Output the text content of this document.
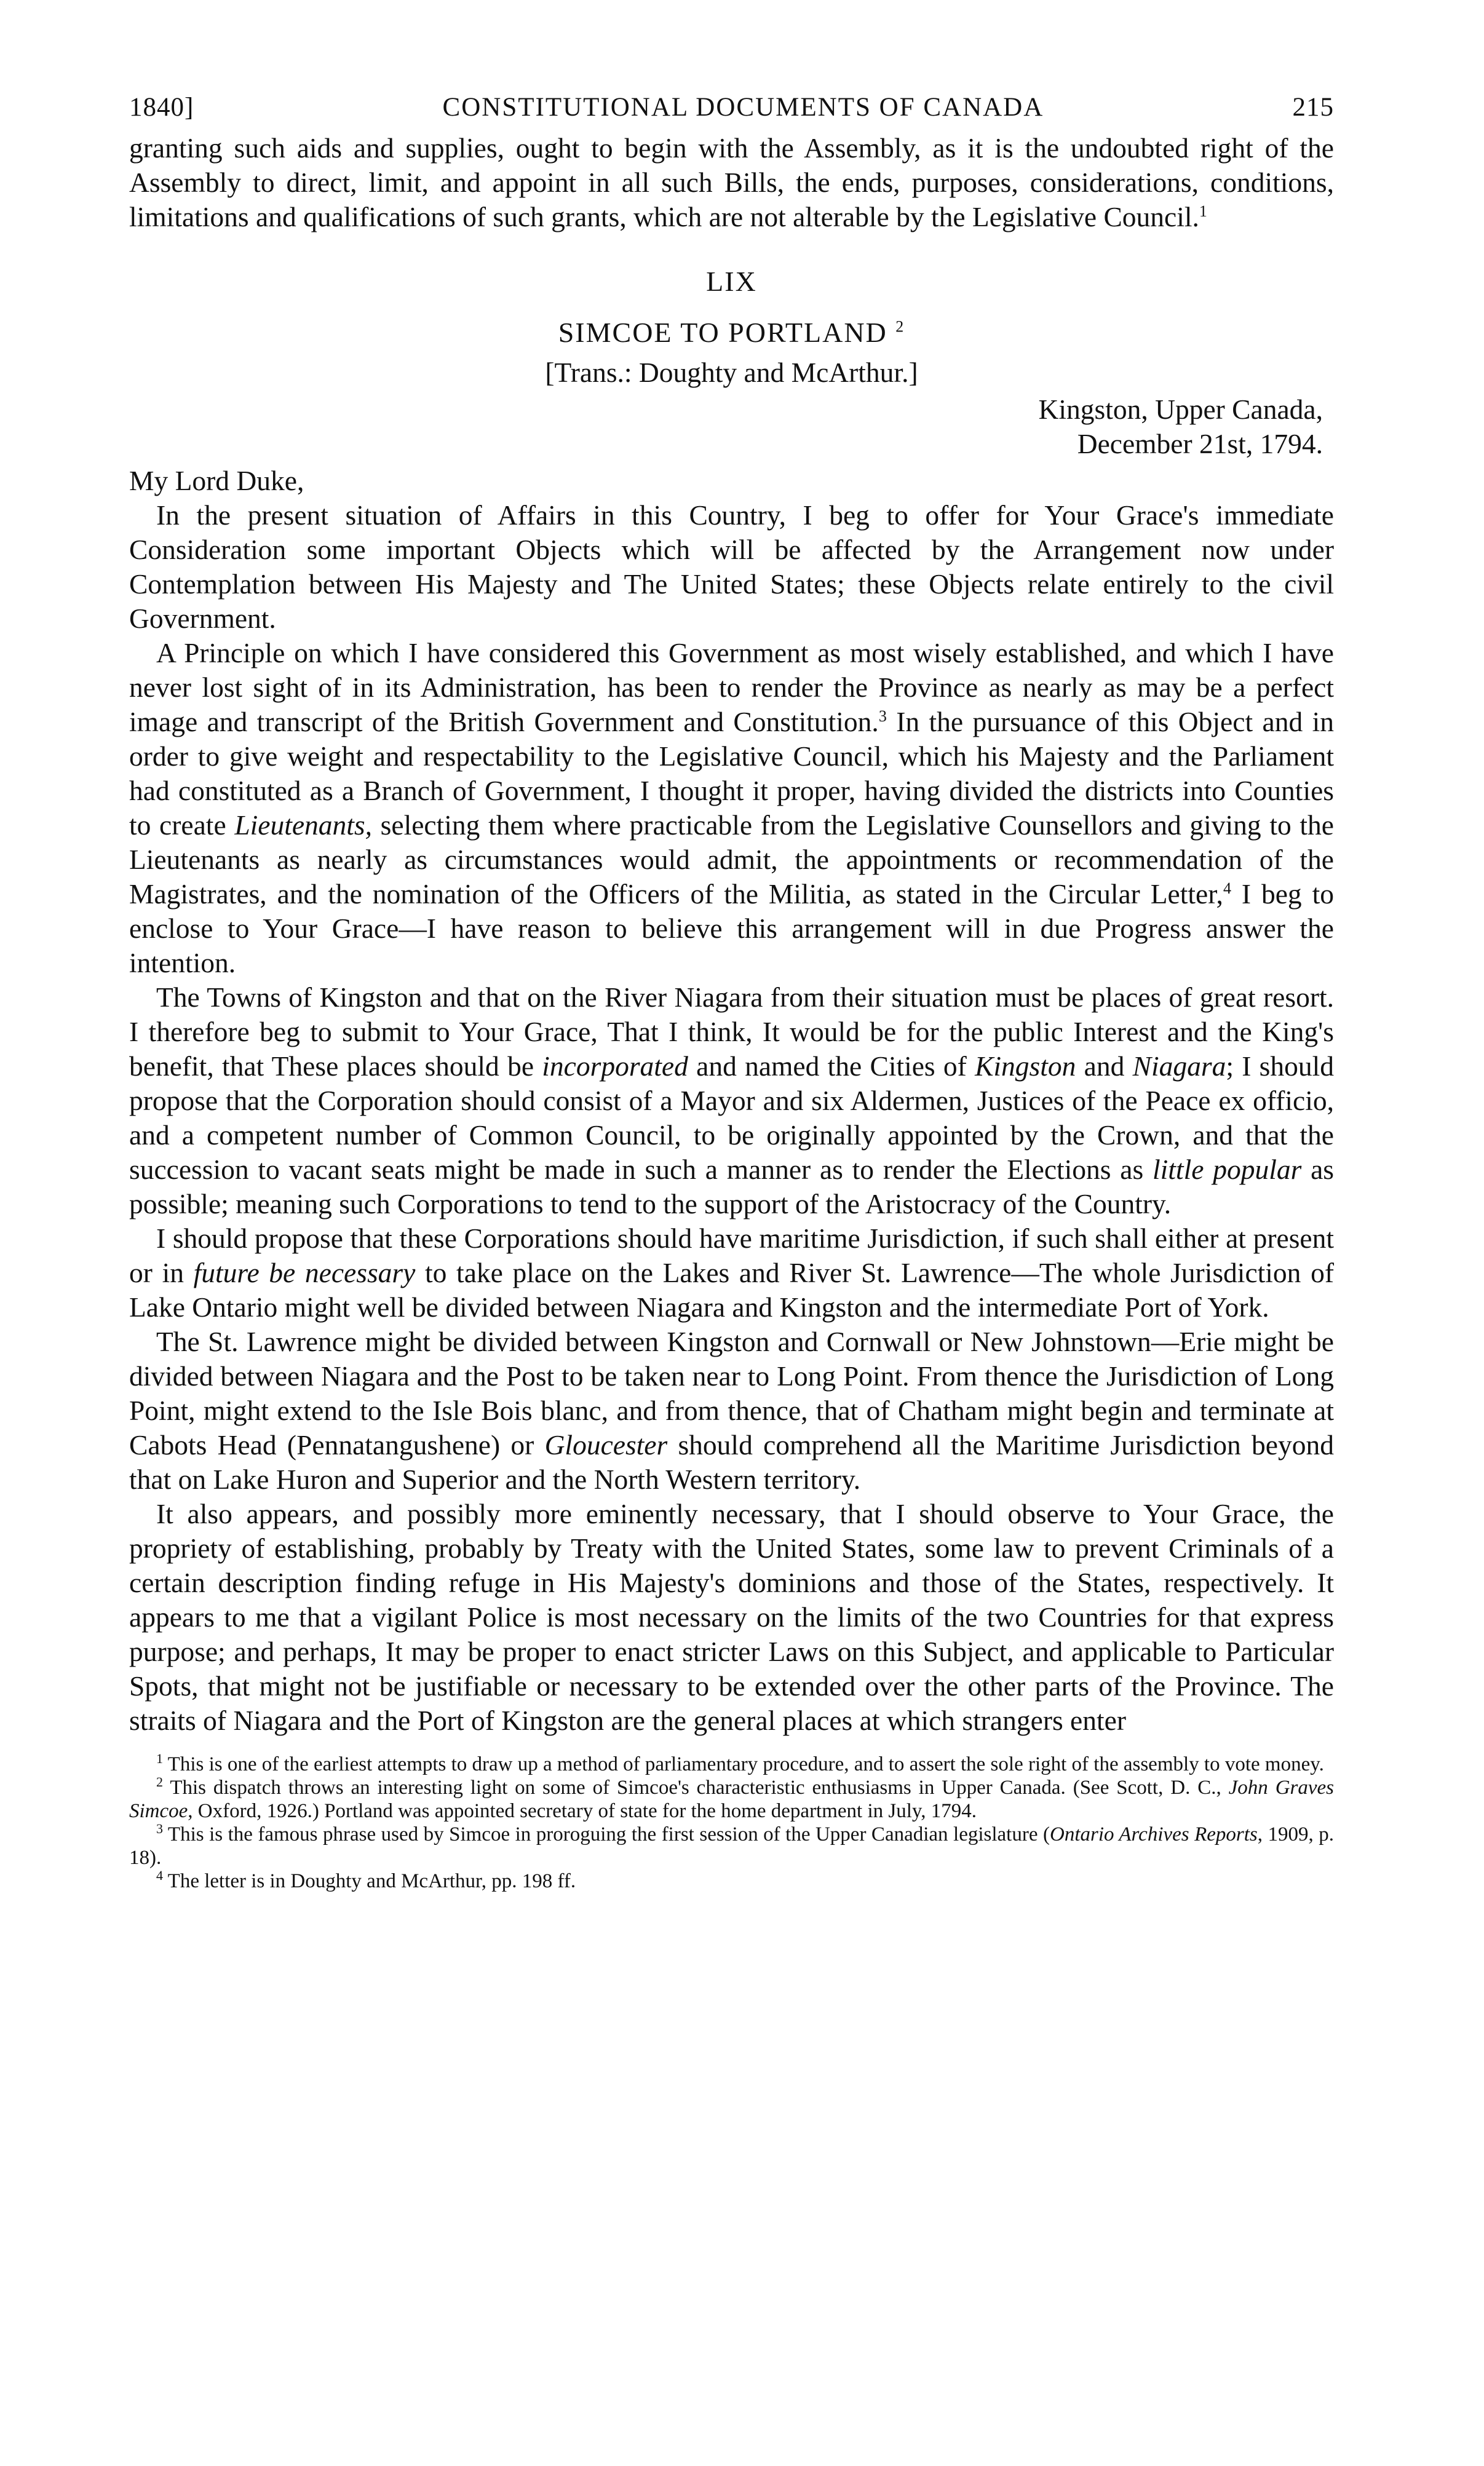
1840]	CONSTITUTIONAL DOCUMENTS OF CANADA	215

granting such aids and supplies, ought to begin with the Assembly, as it is the undoubted right of the Assembly to direct, limit, and appoint in all such Bills, the ends, purposes, considerations, conditions, limitations and qualifications of such grants, which are not alterable by the Legislative Council.$^1$

LIX
SIMCOE TO PORTLAND $^2$
[Trans.: Doughty and McArthur.]
Kingston, Upper Canada,
December 21st, 1794.
My Lord Duke,

In the present situation of Affairs in this Country, I beg to offer for Your Grace's immediate Consideration some important Objects which will be affected by the Arrangement now under Contemplation between His Majesty and The United States; these Objects relate entirely to the civil Government.

A Principle on which I have considered this Government as most wisely established, and which I have never lost sight of in its Administration, has been to render the Province as nearly as may be a perfect image and transcript of the British Government and Constitution.$^3$ In the pursuance of this Object and in order to give weight and respectability to the Legislative Council, which his Majesty and the Parliament had constituted as a Branch of Government, I thought it proper, having divided the districts into Counties to create Lieutenants, selecting them where practicable from the Legislative Counsellors and giving to the Lieutenants as nearly as circumstances would admit, the appointments or recommendation of the Magistrates, and the nomination of the Officers of the Militia, as stated in the Circular Letter,$^4$ I beg to enclose to Your Grace—I have reason to believe this arrangement will in due Progress answer the intention.

The Towns of Kingston and that on the River Niagara from their situation must be places of great resort. I therefore beg to submit to Your Grace, That I think, It would be for the public Interest and the King's benefit, that These places should be incorporated and named the Cities of Kingston and Niagara; I should propose that the Corporation should consist of a Mayor and six Aldermen, Justices of the Peace ex officio, and a competent number of Common Council, to be originally appointed by the Crown, and that the succession to vacant seats might be made in such a manner as to render the Elections as little popular as possible; meaning such Corporations to tend to the support of the Aristocracy of the Country.

I should propose that these Corporations should have maritime Jurisdiction, if such shall either at present or in future be necessary to take place on the Lakes and River St. Lawrence—The whole Jurisdiction of Lake Ontario might well be divided between Niagara and Kingston and the intermediate Port of York.

The St. Lawrence might be divided between Kingston and Cornwall or New Johnstown—Erie might be divided between Niagara and the Post to be taken near to Long Point. From thence the Jurisdiction of Long Point, might extend to the Isle Bois blanc, and from thence, that of Chatham might begin and terminate at Cabots Head (Pennatangushene) or Gloucester should comprehend all the Maritime Jurisdiction beyond that on Lake Huron and Superior and the North Western territory.

It also appears, and possibly more eminently necessary, that I should observe to Your Grace, the propriety of establishing, probably by Treaty with the United States, some law to prevent Criminals of a certain description finding refuge in His Majesty's dominions and those of the States, respectively. It appears to me that a vigilant Police is most necessary on the limits of the two Countries for that express purpose; and perhaps, It may be proper to enact stricter Laws on this Subject, and applicable to Particular Spots, that might not be justifiable or necessary to be extended over the other parts of the Province. The straits of Niagara and the Port of Kingston are the general places at which strangers enter

$^1$ This is one of the earliest attempts to draw up a method of parliamentary procedure, and to assert the sole right of the assembly to vote money.

$^2$ This dispatch throws an interesting light on some of Simcoe's characteristic enthusiasms in Upper Canada. (See Scott, D. C., John Graves Simcoe, Oxford, 1926.) Portland was appointed secretary of state for the home department in July, 1794.

$^3$ This is the famous phrase used by Simcoe in proroguing the first session of the Upper Canadian legislature (Ontario Archives Reports, 1909, p. 18).

$^4$ The letter is in Doughty and McArthur, pp. 198 ff.
